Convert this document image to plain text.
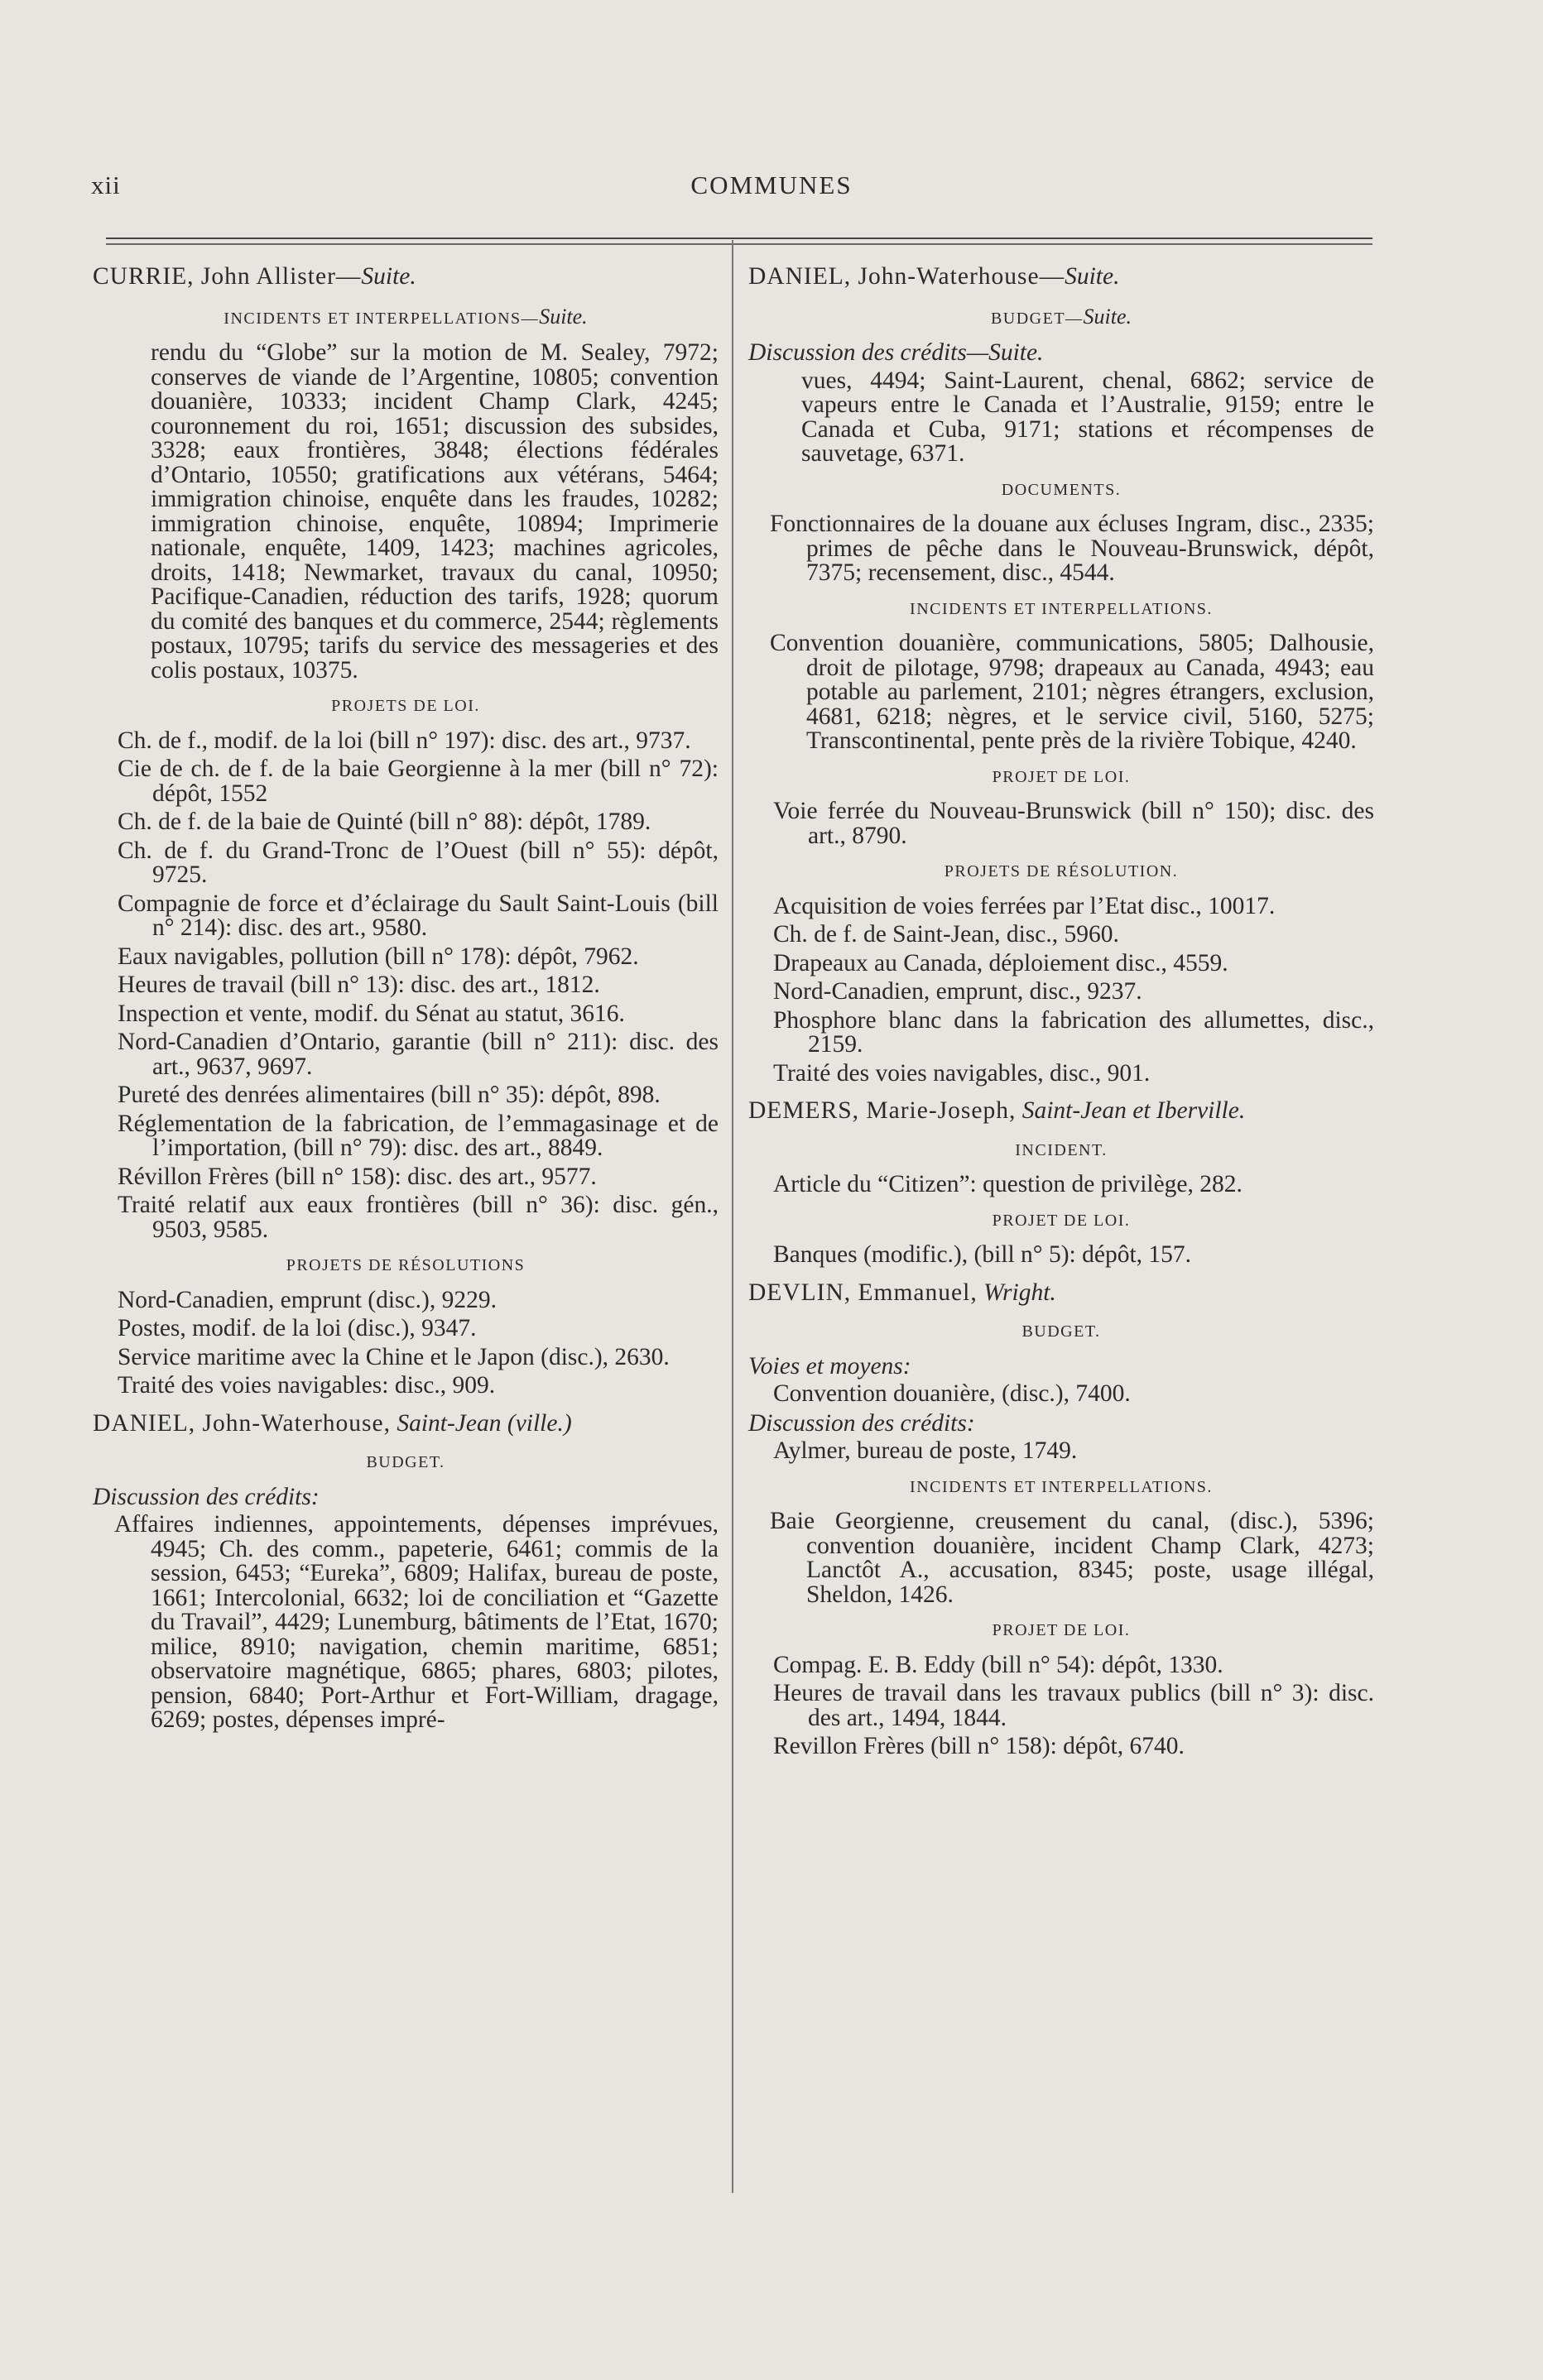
xii	COMMUNES

CURRIE, John Allister—Suite.

INCIDENTS ET INTERPELLATIONS—Suite.

rendu du “Globe” sur la motion de M. Sealey, 7972; conserves de viande de l’Argentine, 10805; convention douanière, 10333; incident Champ Clark, 4245; couronnement du roi, 1651; discussion des subsides, 3328; eaux frontières, 3848; élections fédérales d’Ontario, 10550; gratifications aux vétérans, 5464; immigration chinoise, enquête dans les fraudes, 10282; immigration chinoise, enquête, 10894; Imprimerie nationale, enquête, 1409, 1423; machines agricoles, droits, 1418; Newmarket, travaux du canal, 10950; Pacifique-Canadien, réduction des tarifs, 1928; quorum du comité des banques et du commerce, 2544; règlements postaux, 10795; tarifs du service des messageries et des colis postaux, 10375.

PROJETS DE LOI.

Ch. de f., modif. de la loi (bill n° 197): disc. des art., 9737.

Cie de ch. de f. de la baie Georgienne à la mer (bill n° 72): dépôt, 1552

Ch. de f. de la baie de Quinté (bill n° 88): dépôt, 1789.

Ch. de f. du Grand-Tronc de l’Ouest (bill n° 55): dépôt, 9725.

Compagnie de force et d’éclairage du Sault Saint-Louis (bill n° 214): disc. des art., 9580.

Eaux navigables, pollution (bill n° 178): dépôt, 7962.

Heures de travail (bill n° 13): disc. des art., 1812.

Inspection et vente, modif. du Sénat au statut, 3616.

Nord-Canadien d’Ontario, garantie (bill n° 211): disc. des art., 9637, 9697.

Pureté des denrées alimentaires (bill n° 35): dépôt, 898.

Réglementation de la fabrication, de l’emmagasinage et de l’importation, (bill n° 79): disc. des art., 8849.

Révillon Frères (bill n° 158): disc. des art., 9577.

Traité relatif aux eaux frontières (bill n° 36): disc. gén., 9503, 9585.

PROJETS DE RÉSOLUTIONS

Nord-Canadien, emprunt (disc.), 9229.

Postes, modif. de la loi (disc.), 9347.

Service maritime avec la Chine et le Japon (disc.), 2630.

Traité des voies navigables: disc., 909.

DANIEL, John-Waterhouse, Saint-Jean (ville.)

BUDGET.

Discussion des crédits:

Affaires indiennes, appointements, dépenses imprévues, 4945; Ch. des comm., papeterie, 6461; commis de la session, 6453; “Eureka”, 6809; Halifax, bureau de poste, 1661; Intercolonial, 6632; loi de conciliation et “Gazette du Travail”, 4429; Lunemburg, bâtiments de l’Etat, 1670; milice, 8910; navigation, chemin maritime, 6851; observatoire magnétique, 6865; phares, 6803; pilotes, pension, 6840; Port-Arthur et Fort-William, dragage, 6269; postes, dépenses impré-

DANIEL, John-Waterhouse—Suite.

BUDGET—Suite.

Discussion des crédits—Suite.

vues, 4494; Saint-Laurent, chenal, 6862; service de vapeurs entre le Canada et l’Australie, 9159; entre le Canada et Cuba, 9171; stations et récompenses de sauvetage, 6371.

DOCUMENTS.

Fonctionnaires de la douane aux écluses Ingram, disc., 2335; primes de pêche dans le Nouveau-Brunswick, dépôt, 7375; recensement, disc., 4544.

INCIDENTS ET INTERPELLATIONS.

Convention douanière, communications, 5805; Dalhousie, droit de pilotage, 9798; drapeaux au Canada, 4943; eau potable au parlement, 2101; nègres étrangers, exclusion, 4681, 6218; nègres, et le service civil, 5160, 5275; Transcontinental, pente près de la rivière Tobique, 4240.

PROJET DE LOI.

Voie ferrée du Nouveau-Brunswick (bill n° 150); disc. des art., 8790.

PROJETS DE RÉSOLUTION.

Acquisition de voies ferrées par l’Etat disc., 10017.

Ch. de f. de Saint-Jean, disc., 5960.

Drapeaux au Canada, déploiement disc., 4559.

Nord-Canadien, emprunt, disc., 9237.

Phosphore blanc dans la fabrication des allumettes, disc., 2159.

Traité des voies navigables, disc., 901.

DEMERS, Marie-Joseph, Saint-Jean et Iberville.

INCIDENT.

Article du “Citizen”: question de privilège, 282.

PROJET DE LOI.

Banques (modific.), (bill n° 5): dépôt, 157.

DEVLIN, Emmanuel, Wright.

BUDGET.

Voies et moyens:

Convention douanière, (disc.), 7400.

Discussion des crédits:

Aylmer, bureau de poste, 1749.

INCIDENTS ET INTERPELLATIONS.

Baie Georgienne, creusement du canal, (disc.), 5396; convention douanière, incident Champ Clark, 4273; Lanctôt A., accusation, 8345; poste, usage illégal, Sheldon, 1426.

PROJET DE LOI.

Compag. E. B. Eddy (bill n° 54): dépôt, 1330.

Heures de travail dans les travaux publics (bill n° 3): disc. des art., 1494, 1844.

Revillon Frères (bill n° 158): dépôt, 6740.
